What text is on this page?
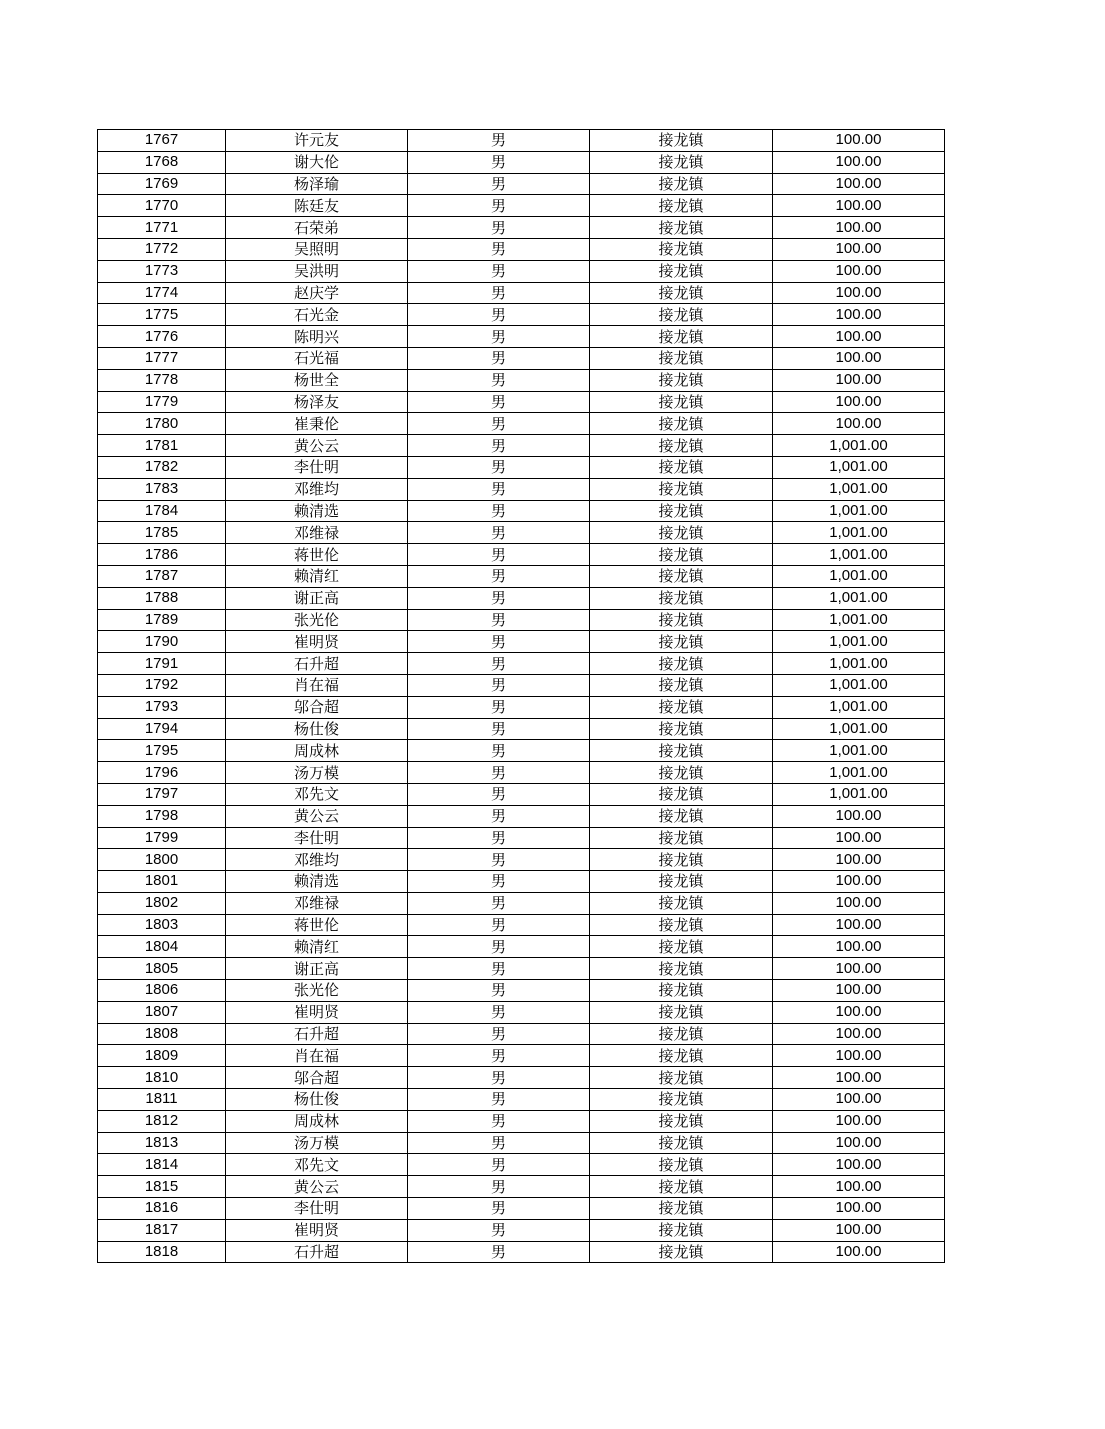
1767	许元友	男	接龙镇	100.00
1768	谢大伦	男	接龙镇	100.00
1769	杨泽瑜	男	接龙镇	100.00
1770	陈廷友	男	接龙镇	100.00
1771	石荣弟	男	接龙镇	100.00
1772	吴照明	男	接龙镇	100.00
1773	吴洪明	男	接龙镇	100.00
1774	赵庆学	男	接龙镇	100.00
1775	石光金	男	接龙镇	100.00
1776	陈明兴	男	接龙镇	100.00
1777	石光福	男	接龙镇	100.00
1778	杨世全	男	接龙镇	100.00
1779	杨泽友	男	接龙镇	100.00
1780	崔秉伦	男	接龙镇	100.00
1781	黄公云	男	接龙镇	1,001.00
1782	李仕明	男	接龙镇	1,001.00
1783	邓维均	男	接龙镇	1,001.00
1784	赖清选	男	接龙镇	1,001.00
1785	邓维禄	男	接龙镇	1,001.00
1786	蒋世伦	男	接龙镇	1,001.00
1787	赖清红	男	接龙镇	1,001.00
1788	谢正高	男	接龙镇	1,001.00
1789	张光伦	男	接龙镇	1,001.00
1790	崔明贤	男	接龙镇	1,001.00
1791	石升超	男	接龙镇	1,001.00
1792	肖在福	男	接龙镇	1,001.00
1793	邬合超	男	接龙镇	1,001.00
1794	杨仕俊	男	接龙镇	1,001.00
1795	周成林	男	接龙镇	1,001.00
1796	汤万模	男	接龙镇	1,001.00
1797	邓先文	男	接龙镇	1,001.00
1798	黄公云	男	接龙镇	100.00
1799	李仕明	男	接龙镇	100.00
1800	邓维均	男	接龙镇	100.00
1801	赖清选	男	接龙镇	100.00
1802	邓维禄	男	接龙镇	100.00
1803	蒋世伦	男	接龙镇	100.00
1804	赖清红	男	接龙镇	100.00
1805	谢正高	男	接龙镇	100.00
1806	张光伦	男	接龙镇	100.00
1807	崔明贤	男	接龙镇	100.00
1808	石升超	男	接龙镇	100.00
1809	肖在福	男	接龙镇	100.00
1810	邬合超	男	接龙镇	100.00
1811	杨仕俊	男	接龙镇	100.00
1812	周成林	男	接龙镇	100.00
1813	汤万模	男	接龙镇	100.00
1814	邓先文	男	接龙镇	100.00
1815	黄公云	男	接龙镇	100.00
1816	李仕明	男	接龙镇	100.00
1817	崔明贤	男	接龙镇	100.00
1818	石升超	男	接龙镇	100.00
